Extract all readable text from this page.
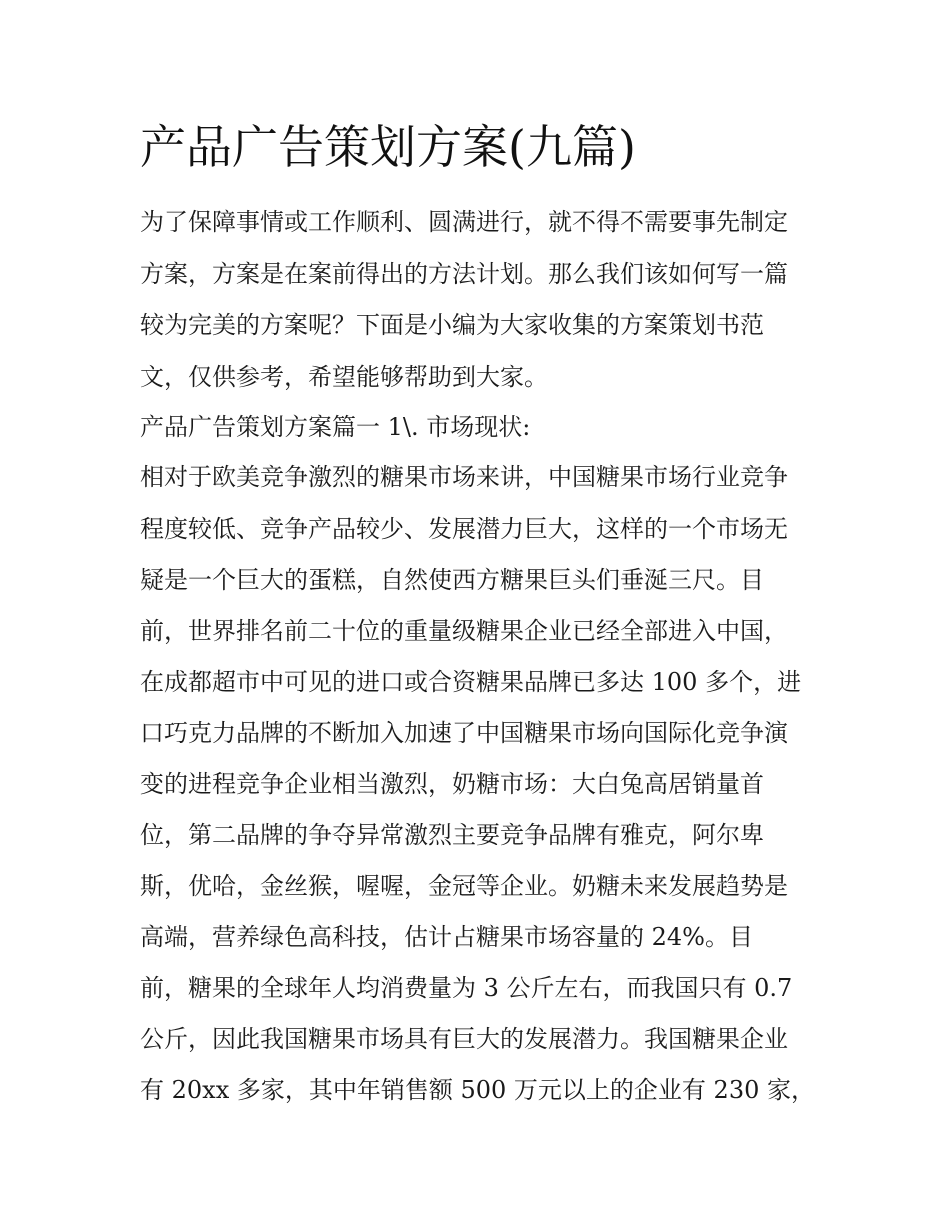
产品广告策划方案(九篇)

为了保障事情或工作顺利、圆满进行，就不得不需要事先制定

方案，方案是在案前得出的方法计划。那么我们该如何写一篇

较为完美的方案呢？下面是小编为大家收集的方案策划书范

文，仅供参考，希望能够帮助到大家。

产品广告策划方案篇一 1\. 市场现状:

相对于欧美竞争激烈的糖果市场来讲，中国糖果市场行业竞争

程度较低、竞争产品较少、发展潜力巨大，这样的一个市场无

疑是一个巨大的蛋糕，自然使西方糖果巨头们垂涎三尺。目

前，世界排名前二十位的重量级糖果企业已经全部进入中国，

在成都超市中可见的进口或合资糖果品牌已多达 100 多个，进

口巧克力品牌的不断加入加速了中国糖果市场向国际化竞争演

变的进程竞争企业相当激烈，奶糖市场：大白兔高居销量首

位，第二品牌的争夺异常激烈主要竞争品牌有雅克，阿尔卑

斯，优哈，金丝猴，喔喔，金冠等企业。奶糖未来发展趋势是

高端，营养绿色高科技，估计占糖果市场容量的 24%。目

前，糖果的全球年人均消费量为 3 公斤左右，而我国只有 0.7

公斤，因此我国糖果市场具有巨大的发展潜力。我国糖果企业

有 20xx 多家，其中年销售额 500 万元以上的企业有 230 家，
